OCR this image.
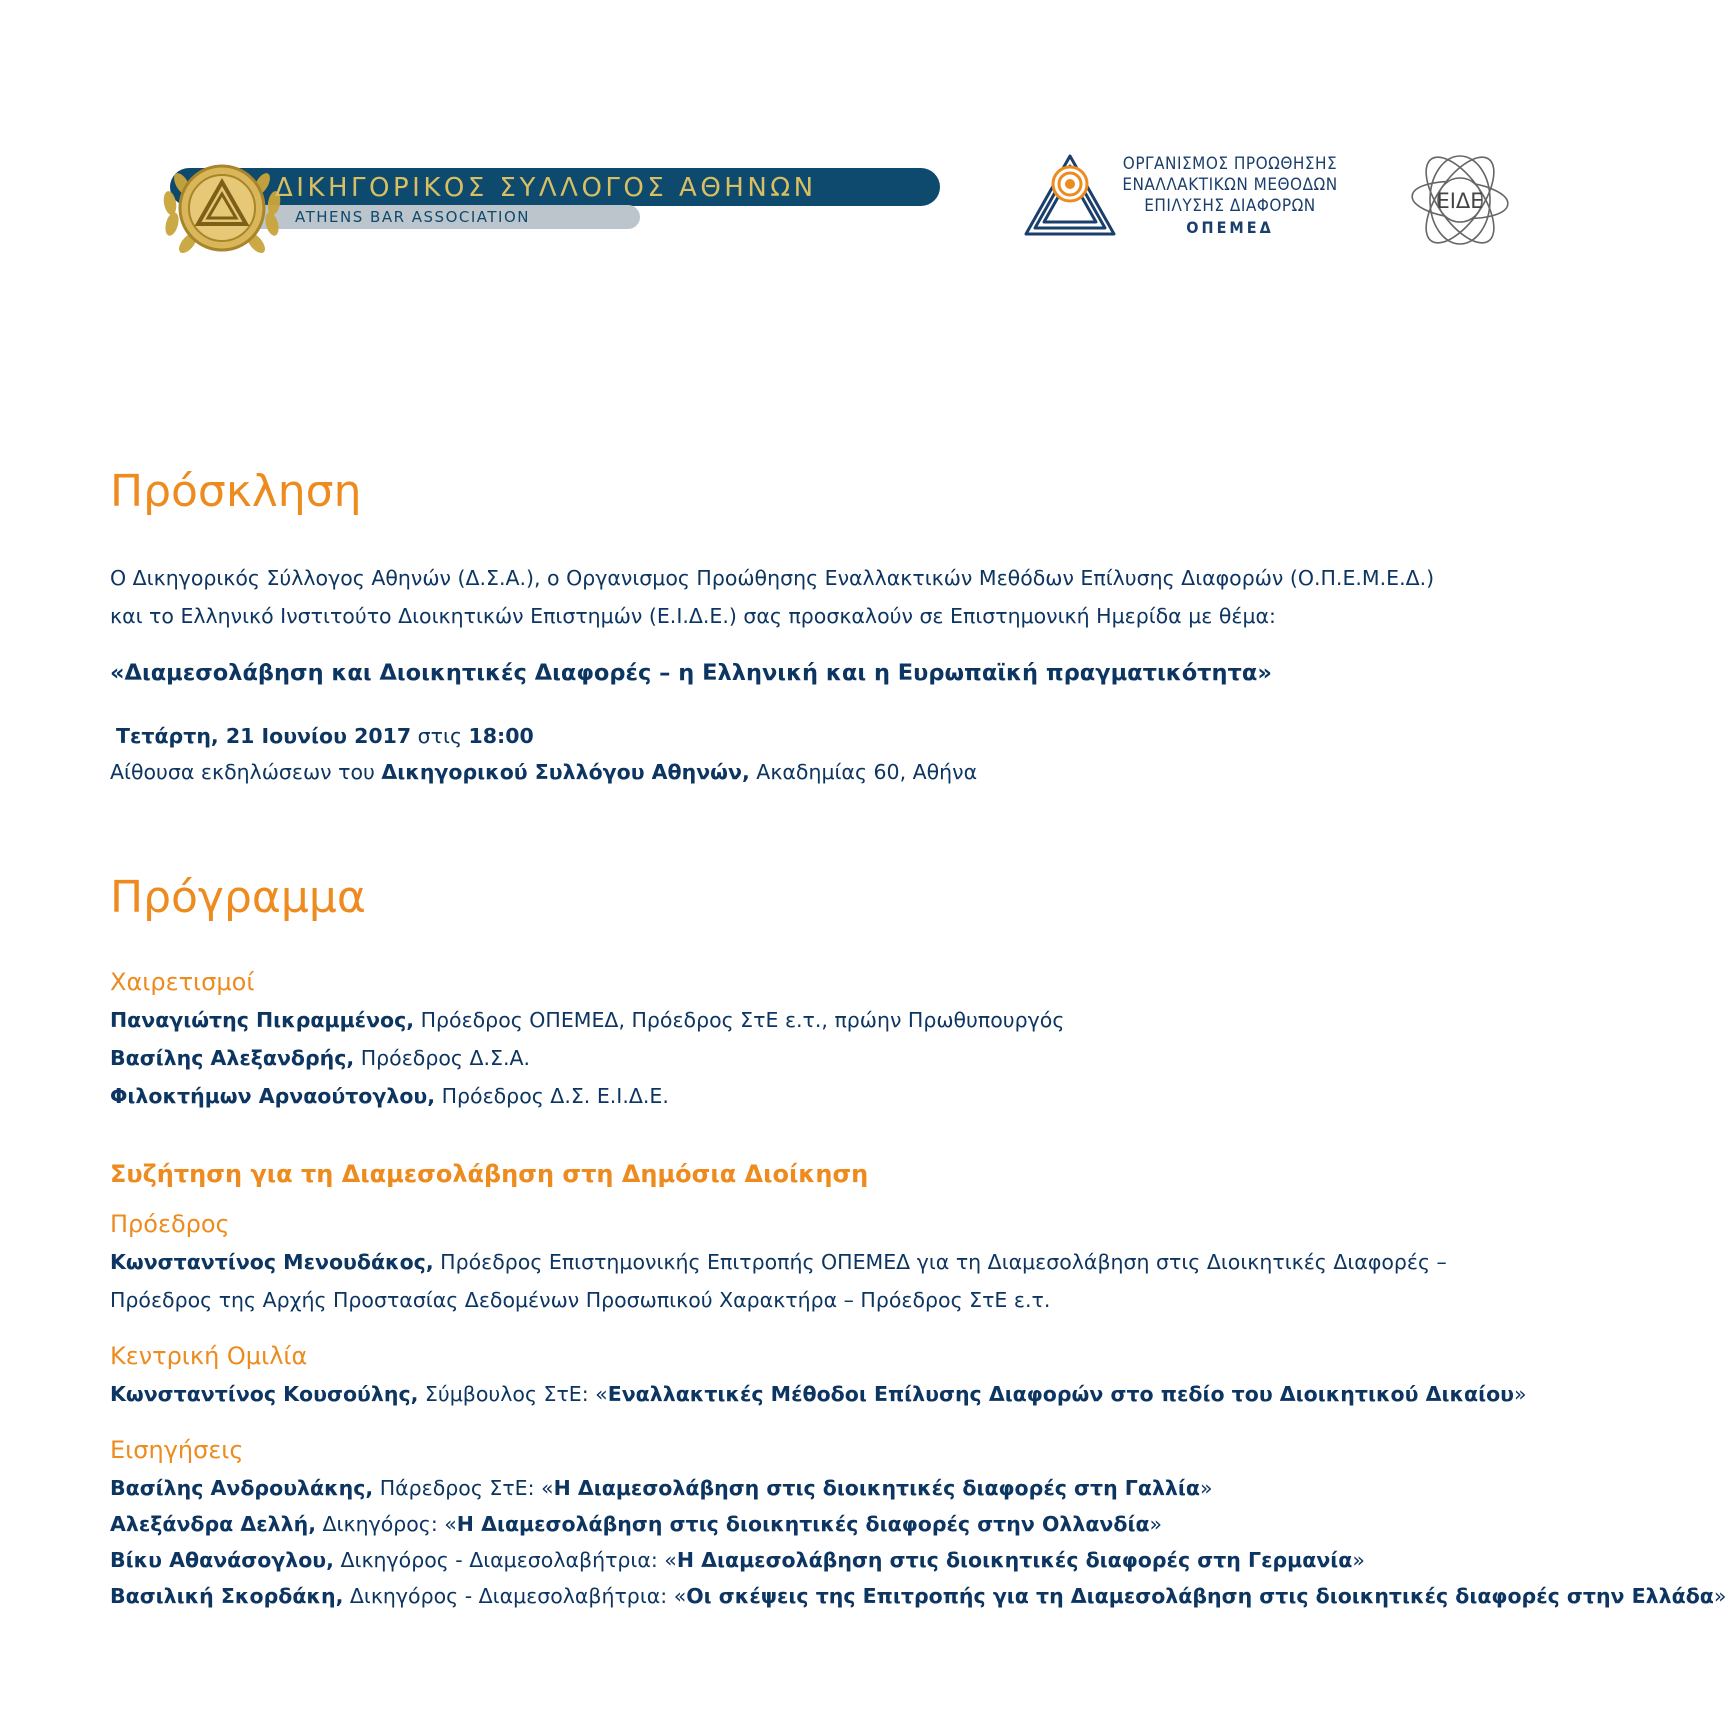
ΔΙΚΗΓΟΡΙΚΟΣ ΣΥΛΛΟΓΟΣ ΑΘΗΝΩΝ
ATHENS BAR ASSOCIATION
ΟΡΓΑΝΙΣΜΟΣ ΠΡΟΩΘΗΣΗΣ
ΕΝΑΛΛΑΚΤΙΚΩΝ ΜΕΘΟΔΩΝ
ΕΠΙΛΥΣΗΣ ΔΙΑΦΟΡΩΝ
ΟΠΕΜΕΔ
ΕΙΔΕ
Πρόσκληση
Ο Δικηγορικός Σύλλογος Αθηνών (Δ.Σ.Α.), ο Οργανισμος Προώθησης Εναλλακτικών Μεθόδων Επίλυσης Διαφορών (Ο.Π.Ε.Μ.Ε.Δ.)
και το Ελληνικό Ινστιτούτο Διοικητικών Επιστημών (Ε.Ι.Δ.Ε.) σας προσκαλούν σε Επιστημονική Ημερίδα με θέμα:
«Διαμεσολάβηση και Διοικητικές Διαφορές – η Ελληνική και η Ευρωπαϊκή πραγματικότητα»
Τετάρτη, 21 Ιουνίου 2017 στις 18:00
Αίθουσα εκδηλώσεων του Δικηγορικού Συλλόγου Αθηνών, Ακαδημίας 60, Αθήνα
Πρόγραμμα
Χαιρετισμοί
Παναγιώτης Πικραμμένος, Πρόεδρος ΟΠΕΜΕΔ, Πρόεδρος ΣτΕ ε.τ., πρώην Πρωθυπουργός
Βασίλης Αλεξανδρής, Πρόεδρος Δ.Σ.Α.
Φιλοκτήμων Αρναούτογλου, Πρόεδρος Δ.Σ. Ε.Ι.Δ.Ε.
Συζήτηση για τη Διαμεσολάβηση στη Δημόσια Διοίκηση
Πρόεδρος
Κωνσταντίνος Μενουδάκος, Πρόεδρος Επιστημονικής Επιτροπής ΟΠΕΜΕΔ για τη Διαμεσολάβηση στις Διοικητικές Διαφορές –
Πρόεδρος της Αρχής Προστασίας Δεδομένων Προσωπικού Χαρακτήρα – Πρόεδρος ΣτΕ ε.τ.
Κεντρική Ομιλία
Κωνσταντίνος Κουσούλης, Σύμβουλος ΣτΕ: «Εναλλακτικές Μέθοδοι Επίλυσης Διαφορών στο πεδίο του Διοικητικού Δικαίου»
Εισηγήσεις
Βασίλης Ανδρουλάκης, Πάρεδρος ΣτΕ: «Η Διαμεσολάβηση στις διοικητικές διαφορές στη Γαλλία»
Αλεξάνδρα Δελλή, Δικηγόρος: «Η Διαμεσολάβηση στις διοικητικές διαφορές στην Ολλανδία»
Βίκυ Αθανάσογλου, Δικηγόρος - Διαμεσολαβήτρια: «Η Διαμεσολάβηση στις διοικητικές διαφορές στη Γερμανία»
Βασιλική Σκορδάκη, Δικηγόρος - Διαμεσολαβήτρια: «Οι σκέψεις της Επιτροπής για τη Διαμεσολάβηση στις διοικητικές διαφορές στην Ελλάδα»
